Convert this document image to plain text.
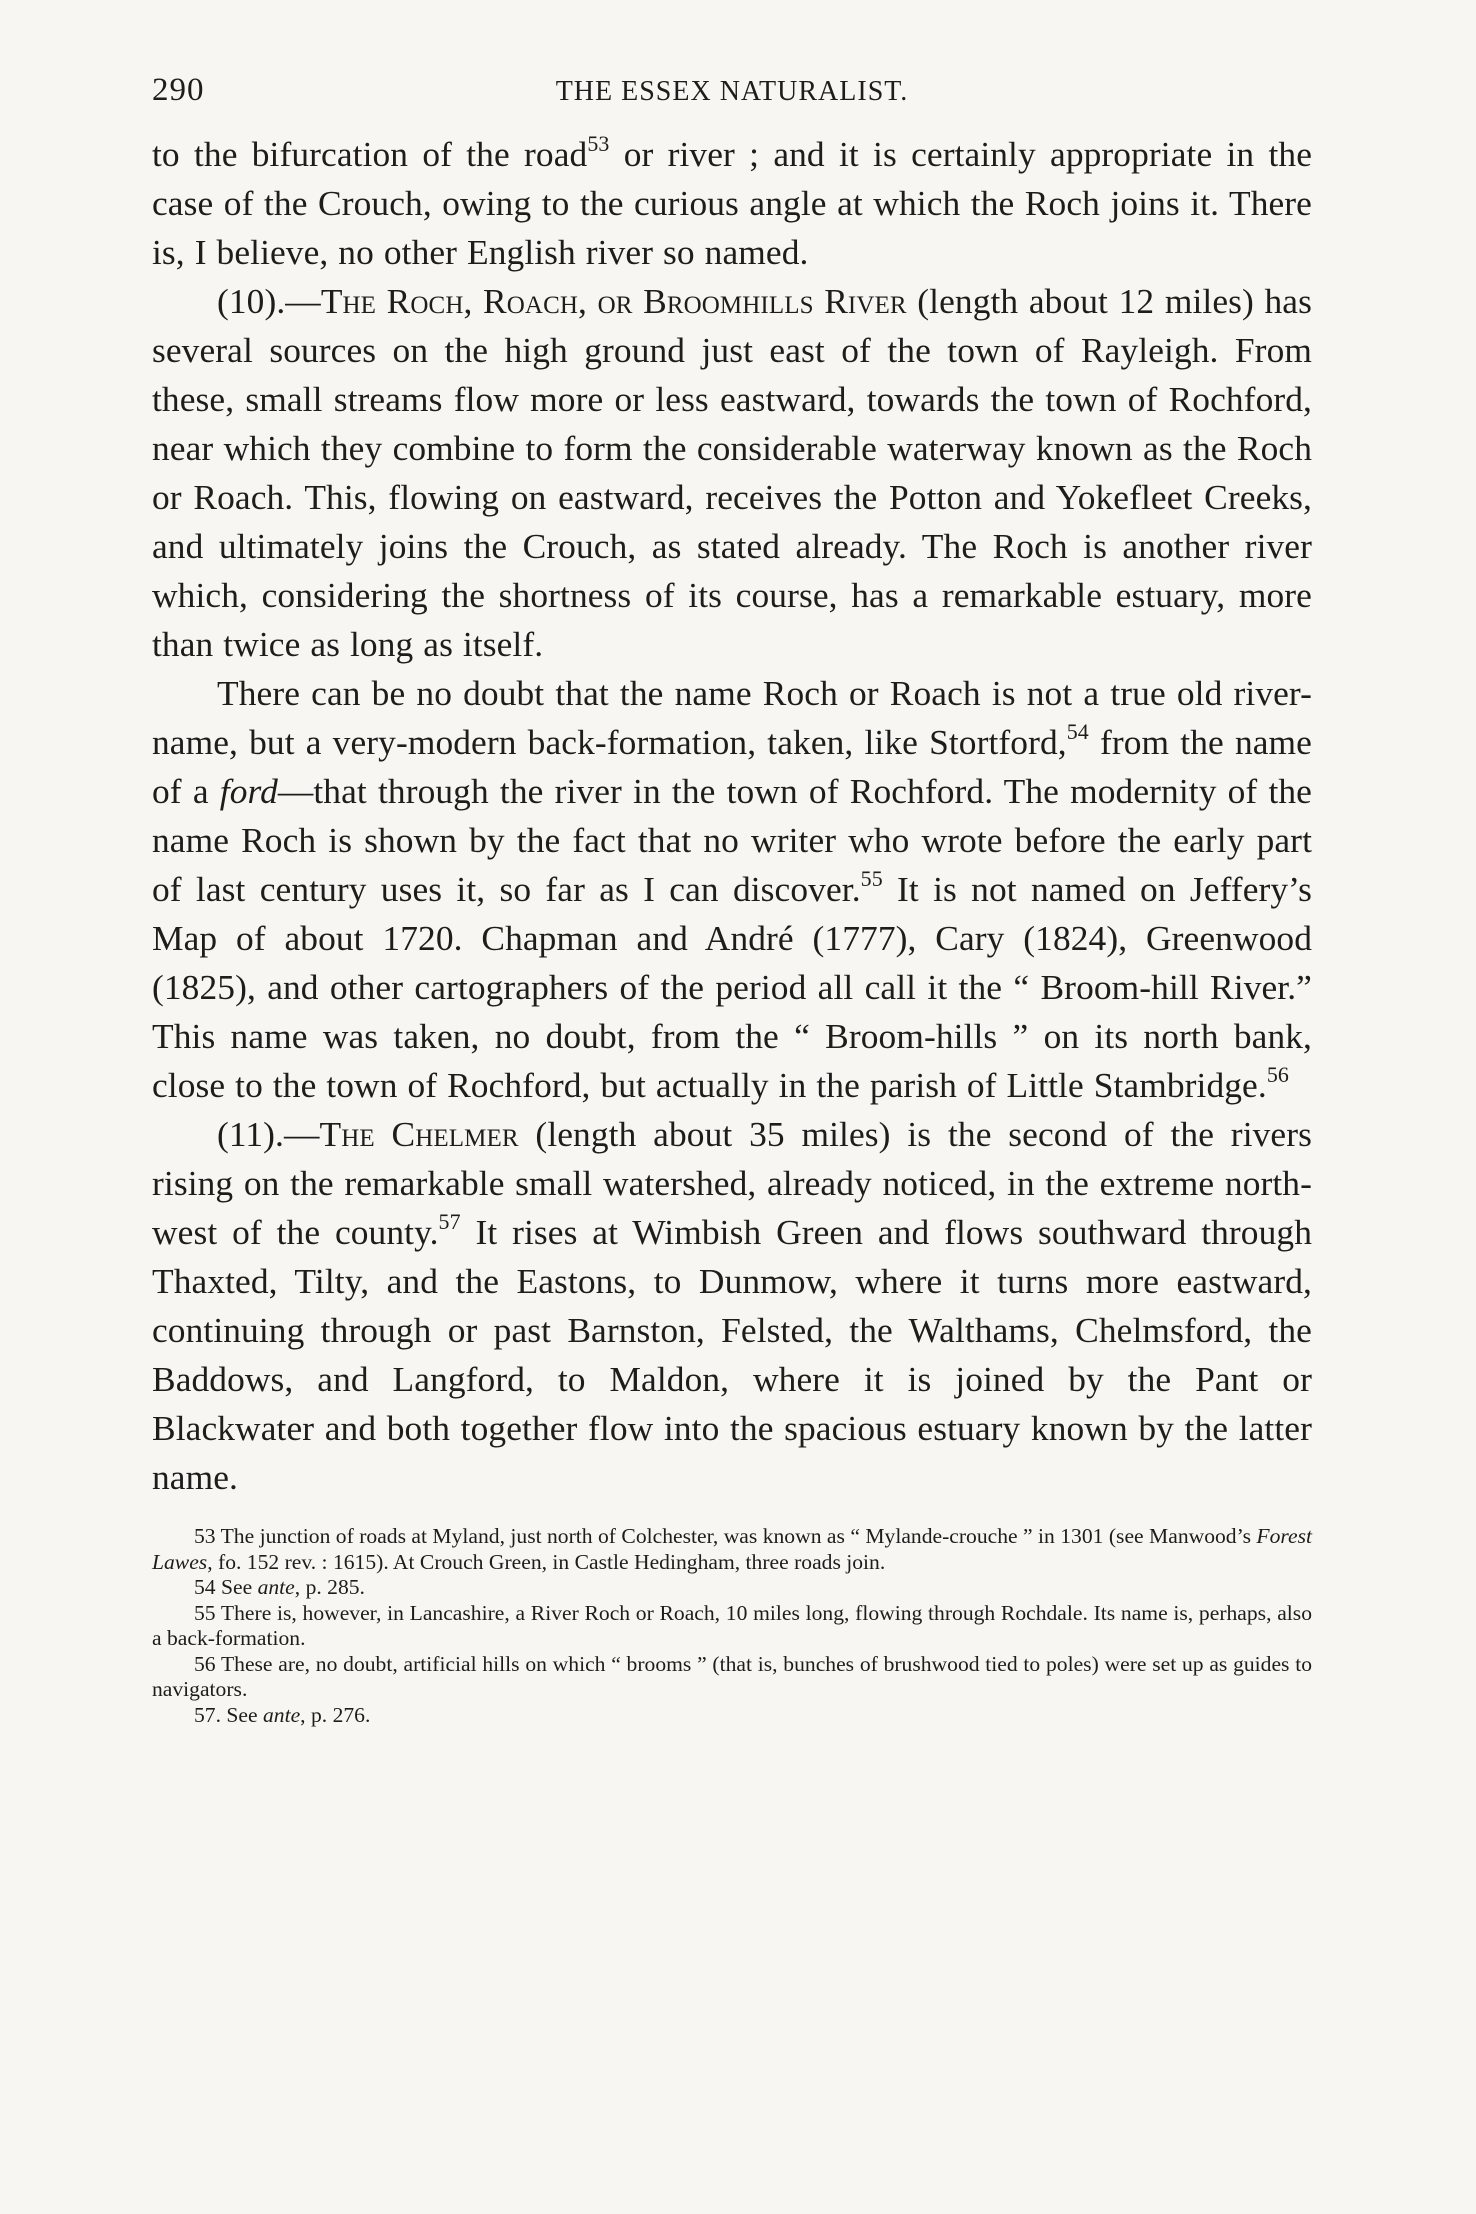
290	THE ESSEX NATURALIST.

to the bifurcation of the road$^{53}$ or river ; and it is certainly appropriate in the case of the Crouch, owing to the curious angle at which the Roch joins it. There is, I believe, no other English river so named.

(10).—The Roch, Roach, or Broomhills River (length about 12 miles) has several sources on the high ground just east of the town of Rayleigh. From these, small streams flow more or less eastward, towards the town of Rochford, near which they combine to form the considerable waterway known as the Roch or Roach. This, flowing on eastward, receives the Potton and Yokefleet Creeks, and ultimately joins the Crouch, as stated already. The Roch is another river which, considering the shortness of its course, has a remarkable estuary, more than twice as long as itself.

There can be no doubt that the name Roch or Roach is not a true old river-name, but a very-modern back-formation, taken, like Stortford,$^{54}$ from the name of a ford—that through the river in the town of Rochford. The modernity of the name Roch is shown by the fact that no writer who wrote before the early part of last century uses it, so far as I can discover.$^{55}$ It is not named on Jeffery’s Map of about 1720. Chapman and André (1777), Cary (1824), Greenwood (1825), and other cartographers of the period all call it the “ Broom-hill River.” This name was taken, no doubt, from the “ Broom-hills ” on its north bank, close to the town of Rochford, but actually in the parish of Little Stambridge.$^{56}$

(11).—The Chelmer (length about 35 miles) is the second of the rivers rising on the remarkable small watershed, already noticed, in the extreme north-west of the county.$^{57}$ It rises at Wimbish Green and flows southward through Thaxted, Tilty, and the Eastons, to Dunmow, where it turns more eastward, continuing through or past Barnston, Felsted, the Walthams, Chelmsford, the Baddows, and Langford, to Maldon, where it is joined by the Pant or Blackwater and both together flow into the spacious estuary known by the latter name.

53 The junction of roads at Myland, just north of Colchester, was known as “ Mylande-crouche ” in 1301 (see Manwood’s Forest Lawes, fo. 152 rev. : 1615). At Crouch Green, in Castle Hedingham, three roads join.

54 See ante, p. 285.

55 There is, however, in Lancashire, a River Roch or Roach, 10 miles long, flowing through Rochdale. Its name is, perhaps, also a back-formation.

56 These are, no doubt, artificial hills on which “ brooms ” (that is, bunches of brushwood tied to poles) were set up as guides to navigators.

57. See ante, p. 276.
